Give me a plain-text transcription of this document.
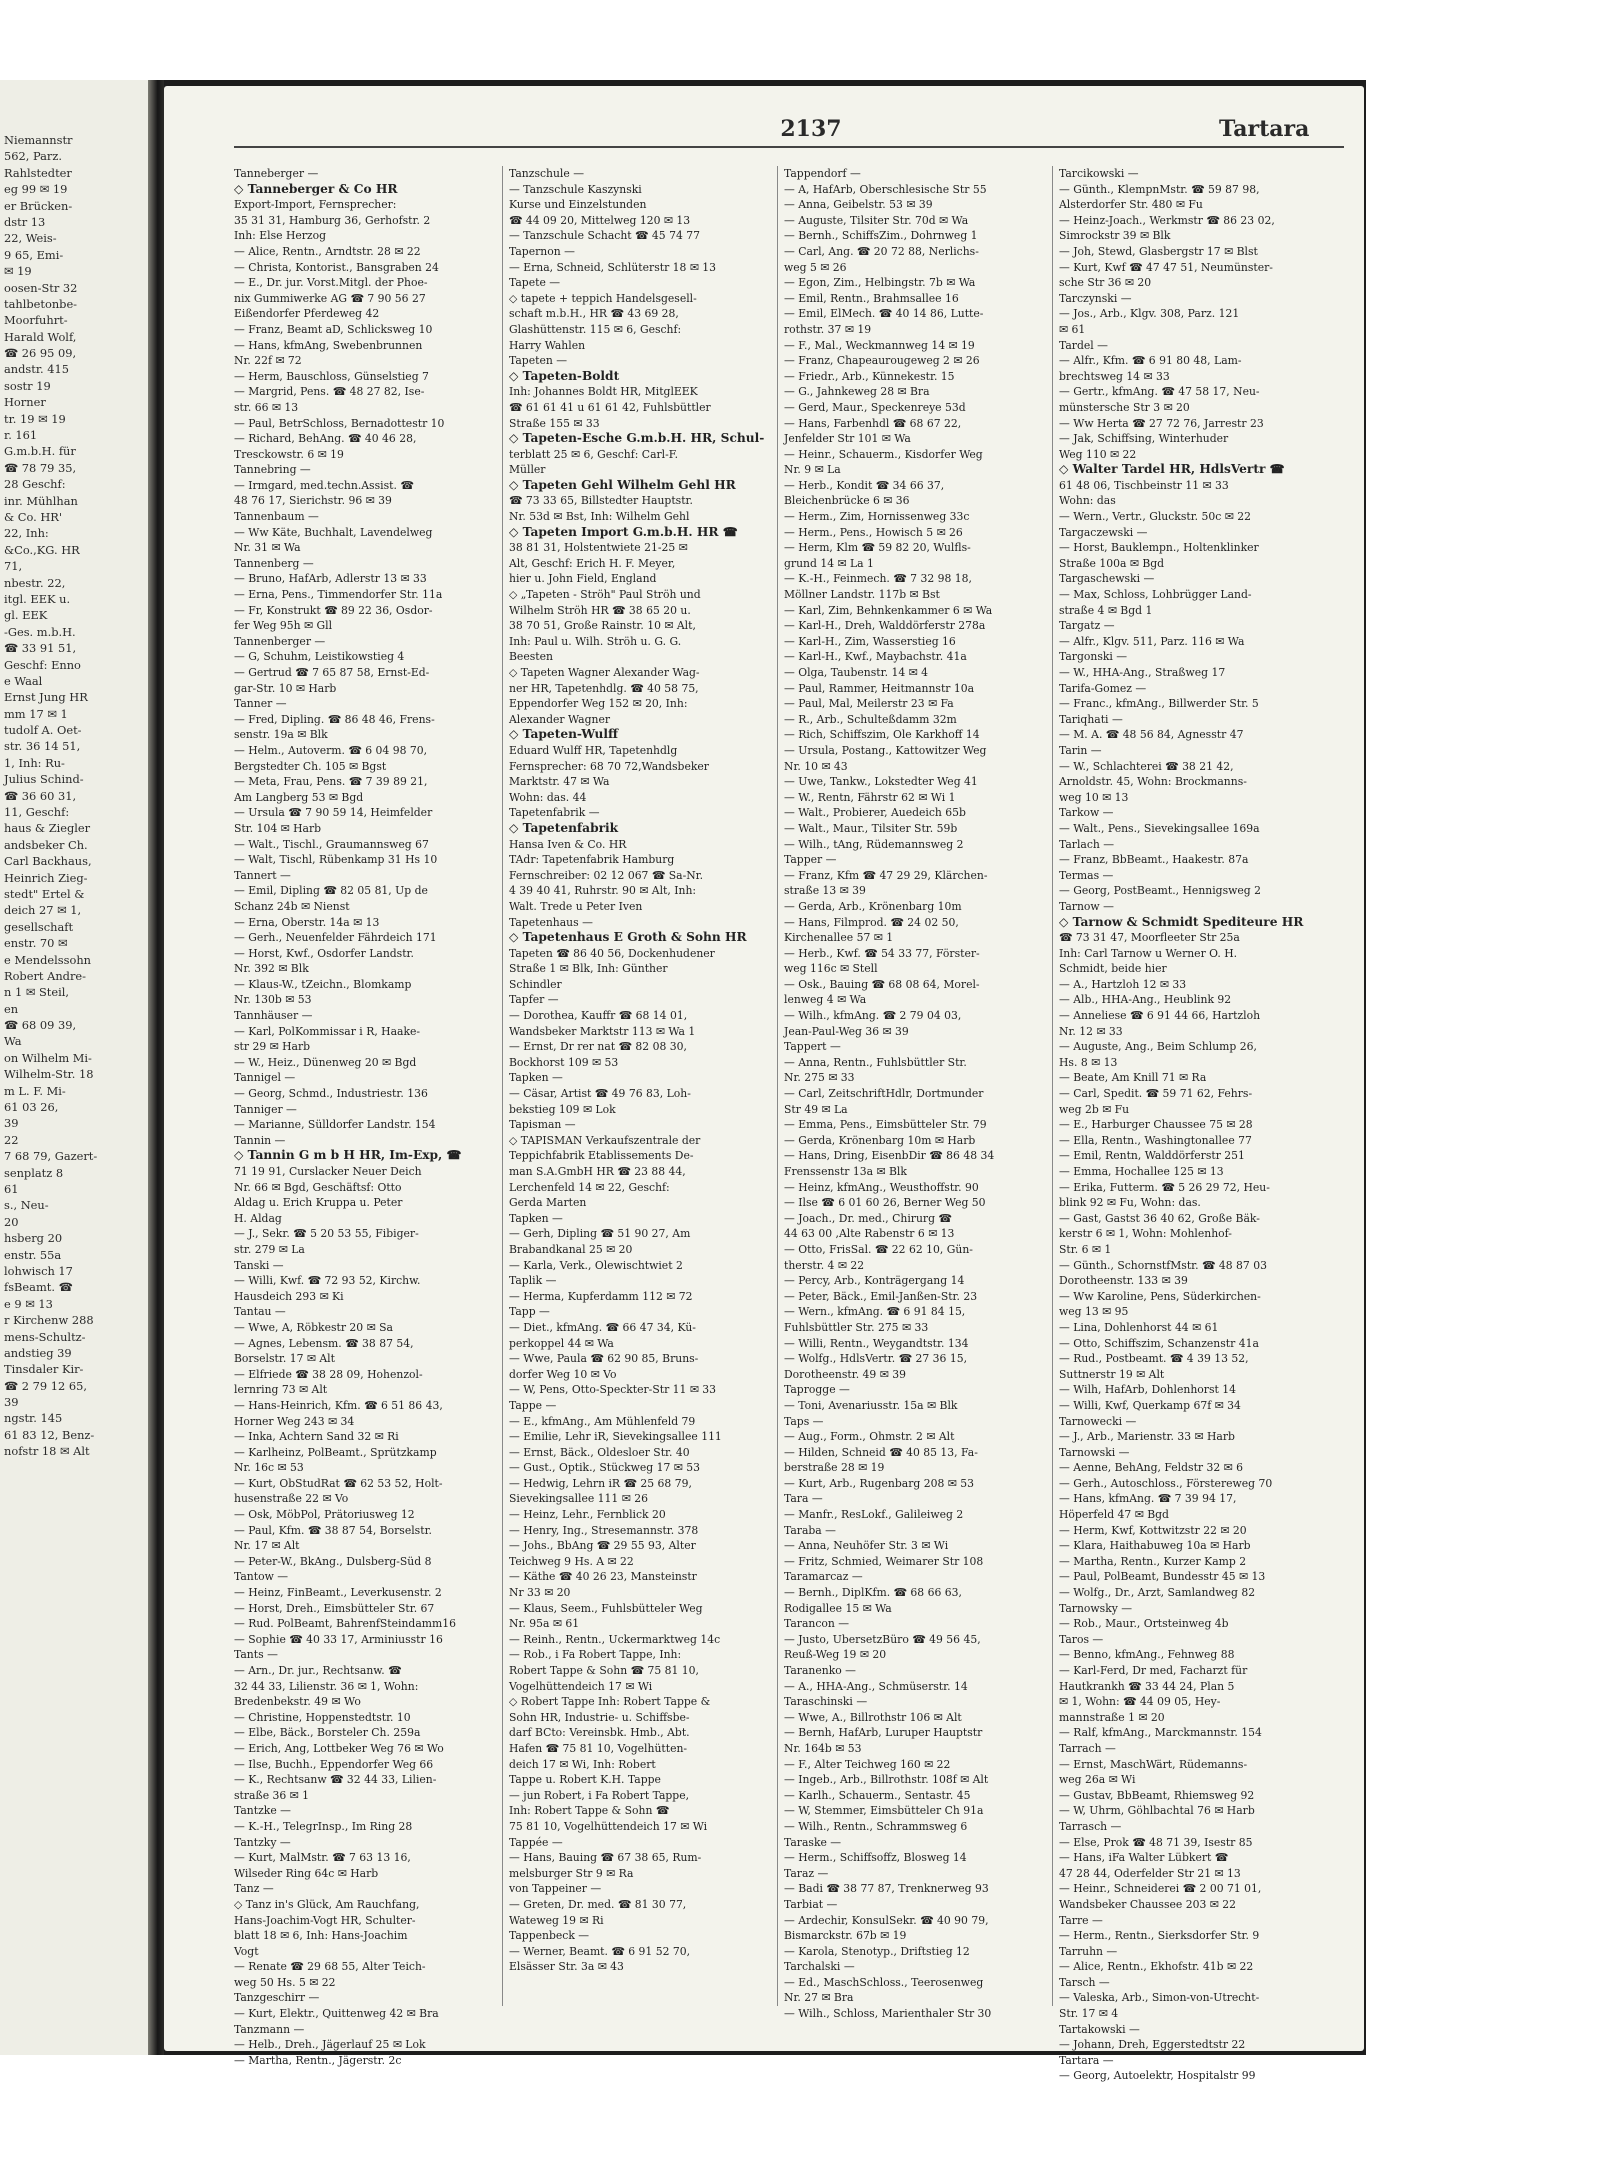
Niemannstr
562, Parz.
Rahlstedter
eg 99 ✉ 19
er Brücken-
dstr 13
22, Weis-
9 65, Emi-
✉ 19
oosen-Str 32
tahlbetonbe-
Moorfuhrt-
Harald Wolf,
☎ 26 95 09,
andstr. 415
sostr 19
Horner
tr. 19 ✉ 19
r. 161
G.m.b.H. für
☎ 78 79 35,
28 Geschf:
inr. Mühlhan
& Co. HR'
22, Inh:
&Co.,KG. HR
71,
nbestr. 22,
itgl. EEK u.
gl. EEK
-Ges. m.b.H.
☎ 33 91 51,
Geschf: Enno
e Waal
Ernst Jung HR
mm 17 ✉ 1
tudolf A. Oet-
str. 36 14 51,
1, Inh: Ru-
Julius Schind-
☎ 36 60 31,
11, Geschf:
haus & Ziegler
andsbeker Ch.
Carl Backhaus,
Heinrich Zieg-
stedt" Ertel &
deich 27 ✉ 1,
gesellschaft
enstr. 70 ✉
e Mendelssohn
Robert Andre-
n 1 ✉ Steil,
en
☎ 68 09 39,
Wa
on Wilhelm Mi-
Wilhelm-Str. 18
m L. F. Mi-
61 03 26,
39
22
7 68 79, Gazert-
senplatz 8
61
s., Neu-
20
hsberg 20
enstr. 55a
lohwisch 17
fsBeamt. ☎
e 9 ✉ 13
r Kirchenw 288
mens-Schultz-
andstieg 39
Tinsdaler Kir-
☎ 2 79 12 65,
39
ngstr. 145
61 83 12, Benz-
nofstr 18 ✉ Alt
2137	Tartara
Tanneberger —
◇ Tanneberger & Co HR
Export-Import, Fernsprecher:
35 31 31, Hamburg 36, Gerhofstr. 2
Inh: Else Herzog
— Alice, Rentn., Arndtstr. 28 ✉ 22
— Christa, Kontorist., Bansgraben 24
— E., Dr. jur. Vorst.Mitgl. der Phoe-
nix Gummiwerke AG ☎ 7 90 56 27
Eißendorfer Pferdeweg 42
— Franz, Beamt aD, Schlicksweg 10
— Hans, kfmAng, Swebenbrunnen
Nr. 22f ✉ 72
— Herm, Bauschloss, Günselstieg 7
— Margrid, Pens. ☎ 48 27 82, Ise-
str. 66 ✉ 13
— Paul, BetrSchloss, Bernadottestr 10
— Richard, BehAng. ☎ 40 46 28,
Tresckowstr. 6 ✉ 19
Tannebring —
— Irmgard, med.techn.Assist. ☎
48 76 17, Sierichstr. 96 ✉ 39
Tannenbaum —
— Ww Käte, Buchhalt, Lavendelweg
Nr. 31 ✉ Wa
Tannenberg —
— Bruno, HafArb, Adlerstr 13 ✉ 33
— Erna, Pens., Timmendorfer Str. 11a
— Fr, Konstrukt ☎ 89 22 36, Osdor-
fer Weg 95h ✉ Gll
Tannenberger —
— G, Schuhm, Leistikowstieg 4
— Gertrud ☎ 7 65 87 58, Ernst-Ed-
gar-Str. 10 ✉ Harb
Tanner —
— Fred, Dipling. ☎ 86 48 46, Frens-
senstr. 19a ✉ Blk
— Helm., Autoverm. ☎ 6 04 98 70,
Bergstedter Ch. 105 ✉ Bgst
— Meta, Frau, Pens. ☎ 7 39 89 21,
Am Langberg 53 ✉ Bgd
— Ursula ☎ 7 90 59 14, Heimfelder
Str. 104 ✉ Harb
— Walt., Tischl., Graumannsweg 67
— Walt, Tischl, Rübenkamp 31 Hs 10
Tannert —
— Emil, Dipling ☎ 82 05 81, Up de
Schanz 24b ✉ Nienst
— Erna, Oberstr. 14a ✉ 13
— Gerh., Neuenfelder Fährdeich 171
— Horst, Kwf., Osdorfer Landstr.
Nr. 392 ✉ Blk
— Klaus-W., tZeichn., Blomkamp
Nr. 130b ✉ 53
Tannhäuser —
— Karl, PolKommissar i R, Haake-
str 29 ✉ Harb
— W., Heiz., Dünenweg 20 ✉ Bgd
Tannigel —
— Georg, Schmd., Industriestr. 136
Tanniger —
— Marianne, Sülldorfer Landstr. 154
Tannin —
◇ Tannin G m b H HR, Im-Exp, ☎
71 19 91, Curslacker Neuer Deich
Nr. 66 ✉ Bgd, Geschäftsf: Otto
Aldag u. Erich Kruppa u. Peter
H. Aldag
— J., Sekr. ☎ 5 20 53 55, Fibiger-
str. 279 ✉ La
Tanski —
— Willi, Kwf. ☎ 72 93 52, Kirchw.
Hausdeich 293 ✉ Ki
Tantau —
— Wwe, A, Röbkestr 20 ✉ Sa
— Agnes, Lebensm. ☎ 38 87 54,
Borselstr. 17 ✉ Alt
— Elfriede ☎ 38 28 09, Hohenzol-
lernring 73 ✉ Alt
— Hans-Heinrich, Kfm. ☎ 6 51 86 43,
Horner Weg 243 ✉ 34
— Inka, Achtern Sand 32 ✉ Ri
— Karlheinz, PolBeamt., Sprützkamp
Nr. 16c ✉ 53
— Kurt, ObStudRat ☎ 62 53 52, Holt-
husenstraße 22 ✉ Vo
— Osk, MöbPol, Prätoriusweg 12
— Paul, Kfm. ☎ 38 87 54, Borselstr.
Nr. 17 ✉ Alt
— Peter-W., BkAng., Dulsberg-Süd 8
Tantow —
— Heinz, FinBeamt., Leverkusenstr. 2
— Horst, Dreh., Eimsbütteler Str. 67
— Rud. PolBeamt, BahrenfSteindamm16
— Sophie ☎ 40 33 17, Arminiusstr 16
Tants —
— Arn., Dr. jur., Rechtsanw. ☎
32 44 33, Lilienstr. 36 ✉ 1, Wohn:
Bredenbekstr. 49 ✉ Wo
— Christine, Hoppenstedtstr. 10
— Elbe, Bäck., Borsteler Ch. 259a
— Erich, Ang, Lottbeker Weg 76 ✉ Wo
— Ilse, Buchh., Eppendorfer Weg 66
— K., Rechtsanw ☎ 32 44 33, Lilien-
straße 36 ✉ 1
Tantzke —
— K.-H., TelegrInsp., Im Ring 28
Tantzky —
— Kurt, MalMstr. ☎ 7 63 13 16,
Wilseder Ring 64c ✉ Harb
Tanz —
◇ Tanz in's Glück, Am Rauchfang,
Hans-Joachim-Vogt HR, Schulter-
blatt 18 ✉ 6, Inh: Hans-Joachim
Vogt
— Renate ☎ 29 68 55, Alter Teich-
weg 50 Hs. 5 ✉ 22
Tanzgeschirr —
— Kurt, Elektr., Quittenweg 42 ✉ Bra
Tanzmann —
— Helb., Dreh., Jägerlauf 25 ✉ Lok
— Martha, Rentn., Jägerstr. 2c
Tanzschule —
— Tanzschule Kaszynski
Kurse und Einzelstunden
☎ 44 09 20, Mittelweg 120 ✉ 13
— Tanzschule Schacht ☎ 45 74 77
Tapernon —
— Erna, Schneid, Schlüterstr 18 ✉ 13
Tapete —
◇ tapete + teppich Handelsgesell-
schaft m.b.H., HR ☎ 43 69 28,
Glashüttenstr. 115 ✉ 6, Geschf:
Harry Wahlen
Tapeten —
◇ Tapeten-Boldt
Inh: Johannes Boldt HR, MitglEEK
☎ 61 61 41 u 61 61 42, Fuhlsbüttler
Straße 155 ✉ 33
◇ Tapeten-Esche G.m.b.H. HR, Schul-
terblatt 25 ✉ 6, Geschf: Carl-F.
Müller
◇ Tapeten Gehl Wilhelm Gehl HR
☎ 73 33 65, Billstedter Hauptstr.
Nr. 53d ✉ Bst, Inh: Wilhelm Gehl
◇ Tapeten Import G.m.b.H. HR ☎
38 81 31, Holstentwiete 21-25 ✉
Alt, Geschf: Erich H. F. Meyer,
hier u. John Field, England
◇ „Tapeten - Ströh" Paul Ströh und
Wilhelm Ströh HR ☎ 38 65 20 u.
38 70 51, Große Rainstr. 10 ✉ Alt,
Inh: Paul u. Wilh. Ströh u. G. G.
Beesten
◇ Tapeten Wagner Alexander Wag-
ner HR, Tapetenhdlg. ☎ 40 58 75,
Eppendorfer Weg 152 ✉ 20, Inh:
Alexander Wagner
◇ Tapeten-Wulff
Eduard Wulff HR, Tapetenhdlg
Fernsprecher: 68 70 72,Wandsbeker
Marktstr. 47 ✉ Wa
Wohn: das. 44
Tapetenfabrik —
◇ Tapetenfabrik
Hansa Iven & Co. HR
TAdr: Tapetenfabrik Hamburg
Fernschreiber: 02 12 067 ☎ Sa-Nr.
4 39 40 41, Ruhrstr. 90 ✉ Alt, Inh:
Walt. Trede u Peter Iven
Tapetenhaus —
◇ Tapetenhaus E Groth & Sohn HR
Tapeten ☎ 86 40 56, Dockenhudener
Straße 1 ✉ Blk, Inh: Günther
Schindler
Tapfer —
— Dorothea, Kauffr ☎ 68 14 01,
Wandsbeker Marktstr 113 ✉ Wa 1
— Ernst, Dr rer nat ☎ 82 08 30,
Bockhorst 109 ✉ 53
Tapken —
— Cäsar, Artist ☎ 49 76 83, Loh-
bekstieg 109 ✉ Lok
Tapisman —
◇ TAPISMAN Verkaufszentrale der
Teppichfabrik Etablissements De-
man S.A.GmbH HR ☎ 23 88 44,
Lerchenfeld 14 ✉ 22, Geschf:
Gerda Marten
Tapken —
— Gerh, Dipling ☎ 51 90 27, Am
Brabandkanal 25 ✉ 20
— Karla, Verk., Olewischtwiet 2
Taplik —
— Herma, Kupferdamm 112 ✉ 72
Tapp —
— Diet., kfmAng. ☎ 66 47 34, Kü-
perkoppel 44 ✉ Wa
— Wwe, Paula ☎ 62 90 85, Bruns-
dorfer Weg 10 ✉ Vo
— W, Pens, Otto-Speckter-Str 11 ✉ 33
Tappe —
— E., kfmAng., Am Mühlenfeld 79
— Emilie, Lehr iR, Sievekingsallee 111
— Ernst, Bäck., Oldesloer Str. 40
— Gust., Optik., Stückweg 17 ✉ 53
— Hedwig, Lehrn iR ☎ 25 68 79,
Sievekingsallee 111 ✉ 26
— Heinz, Lehr., Fernblick 20
— Henry, Ing., Stresemannstr. 378
— Johs., BbAng ☎ 29 55 93, Alter
Teichweg 9 Hs. A ✉ 22
— Käthe ☎ 40 26 23, Mansteinstr
Nr 33 ✉ 20
— Klaus, Seem., Fuhlsbütteler Weg
Nr. 95a ✉ 61
— Reinh., Rentn., Uckermarktweg 14c
— Rob., i Fa Robert Tappe, Inh:
Robert Tappe & Sohn ☎ 75 81 10,
Vogelhüttendeich 17 ✉ Wi
◇ Robert Tappe Inh: Robert Tappe &
Sohn HR, Industrie- u. Schiffsbe-
darf BCto: Vereinsbk. Hmb., Abt.
Hafen ☎ 75 81 10, Vogelhütten-
deich 17 ✉ Wi, Inh: Robert
Tappe u. Robert K.H. Tappe
— jun Robert, i Fa Robert Tappe,
Inh: Robert Tappe & Sohn ☎
75 81 10, Vogelhüttendeich 17 ✉ Wi
Tappée —
— Hans, Bauing ☎ 67 38 65, Rum-
melsburger Str 9 ✉ Ra
von Tappeiner —
— Greten, Dr. med. ☎ 81 30 77,
Wateweg 19 ✉ Ri
Tappenbeck —
— Werner, Beamt. ☎ 6 91 52 70,
Elsässer Str. 3a ✉ 43
Tappendorf —
— A, HafArb, Oberschlesische Str 55
— Anna, Geibelstr. 53 ✉ 39
— Auguste, Tilsiter Str. 70d ✉ Wa
— Bernh., SchiffsZim., Dohrnweg 1
— Carl, Ang. ☎ 20 72 88, Nerlichs-
weg 5 ✉ 26
— Egon, Zim., Helbingstr. 7b ✉ Wa
— Emil, Rentn., Brahmsallee 16
— Emil, ElMech. ☎ 40 14 86, Lutte-
rothstr. 37 ✉ 19
— F., Mal., Weckmannweg 14 ✉ 19
— Franz, Chapeaurougeweg 2 ✉ 26
— Friedr., Arb., Künnekestr. 15
— G., Jahnkeweg 28 ✉ Bra
— Gerd, Maur., Speckenreye 53d
— Hans, Farbenhdl ☎ 68 67 22,
Jenfelder Str 101 ✉ Wa
— Heinr., Schauerm., Kisdorfer Weg
Nr. 9 ✉ La
— Herb., Kondit ☎ 34 66 37,
Bleichenbrücke 6 ✉ 36
— Herm., Zim, Hornissenweg 33c
— Herm., Pens., Howisch 5 ✉ 26
— Herm, Klm ☎ 59 82 20, Wulfls-
grund 14 ✉ La 1
— K.-H., Feinmech. ☎ 7 32 98 18,
Möllner Landstr. 117b ✉ Bst
— Karl, Zim, Behnkenkammer 6 ✉ Wa
— Karl-H., Dreh, Walddörferstr 278a
— Karl-H., Zim, Wasserstieg 16
— Karl-H., Kwf., Maybachstr. 41a
— Olga, Taubenstr. 14 ✉ 4
— Paul, Rammer, Heitmannstr 10a
— Paul, Mal, Meilerstr 23 ✉ Fa
— R., Arb., Schulteßdamm 32m
— Rich, Schiffszim, Ole Karkhoff 14
— Ursula, Postang., Kattowitzer Weg
Nr. 10 ✉ 43
— Uwe, Tankw., Lokstedter Weg 41
— W., Rentn, Fährstr 62 ✉ Wi 1
— Walt., Probierer, Auedeich 65b
— Walt., Maur., Tilsiter Str. 59b
— Wilh., tAng, Rüdemannsweg 2
Tapper —
— Franz, Kfm ☎ 47 29 29, Klärchen-
straße 13 ✉ 39
— Gerda, Arb., Krönenbarg 10m
— Hans, Filmprod. ☎ 24 02 50,
Kirchenallee 57 ✉ 1
— Herb., Kwf. ☎ 54 33 77, Förster-
weg 116c ✉ Stell
— Osk., Bauing ☎ 68 08 64, Morel-
lenweg 4 ✉ Wa
— Wilh., kfmAng. ☎ 2 79 04 03,
Jean-Paul-Weg 36 ✉ 39
Tappert —
— Anna, Rentn., Fuhlsbüttler Str.
Nr. 275 ✉ 33
— Carl, ZeitschriftHdlr, Dortmunder
Str 49 ✉ La
— Emma, Pens., Eimsbütteler Str. 79
— Gerda, Krönenbarg 10m ✉ Harb
— Hans, Dring, EisenbDir ☎ 86 48 34
Frenssenstr 13a ✉ Blk
— Heinz, kfmAng., Weusthoffstr. 90
— Ilse ☎ 6 01 60 26, Berner Weg 50
— Joach., Dr. med., Chirurg ☎
44 63 00 ,Alte Rabenstr 6 ✉ 13
— Otto, FrisSal. ☎ 22 62 10, Gün-
therstr. 4 ✉ 22
— Percy, Arb., Konträgergang 14
— Peter, Bäck., Emil-Janßen-Str. 23
— Wern., kfmAng. ☎ 6 91 84 15,
Fuhlsbüttler Str. 275 ✉ 33
— Willi, Rentn., Weygandtstr. 134
— Wolfg., HdlsVertr. ☎ 27 36 15,
Dorotheenstr. 49 ✉ 39
Taprogge —
— Toni, Avenariusstr. 15a ✉ Blk
Taps —
— Aug., Form., Ohmstr. 2 ✉ Alt
— Hilden, Schneid ☎ 40 85 13, Fa-
berstraße 28 ✉ 19
— Kurt, Arb., Rugenbarg 208 ✉ 53
Tara —
— Manfr., ResLokf., Galileiweg 2
Taraba —
— Anna, Neuhöfer Str. 3 ✉ Wi
— Fritz, Schmied, Weimarer Str 108
Taramarcaz —
— Bernh., DiplKfm. ☎ 68 66 63,
Rodigallee 15 ✉ Wa
Tarancon —
— Justo, UbersetzBüro ☎ 49 56 45,
Reuß-Weg 19 ✉ 20
Taranenko —
— A., HHA-Ang., Schmüserstr. 14
Taraschinski —
— Wwe, A., Billrothstr 106 ✉ Alt
— Bernh, HafArb, Luruper Hauptstr
Nr. 164b ✉ 53
— F., Alter Teichweg 160 ✉ 22
— Ingeb., Arb., Billrothstr. 108f ✉ Alt
— Karlh., Schauerm., Sentastr. 45
— W, Stemmer, Eimsbütteler Ch 91a
— Wilh., Rentn., Schrammsweg 6
Taraske —
— Herm., Schiffsoffz, Blosweg 14
Taraz —
— Badi ☎ 38 77 87, Trenknerweg 93
Tarbiat —
— Ardechir, KonsulSekr. ☎ 40 90 79,
Bismarckstr. 67b ✉ 19
— Karola, Stenotyp., Driftstieg 12
Tarchalski —
— Ed., MaschSchloss., Teerosenweg
Nr. 27 ✉ Bra
— Wilh., Schloss, Marienthaler Str 30
Tarcikowski —
— Günth., KlempnMstr. ☎ 59 87 98,
Alsterdorfer Str. 480 ✉ Fu
— Heinz-Joach., Werkmstr ☎ 86 23 02,
Simrockstr 39 ✉ Blk
— Joh, Stewd, Glasbergstr 17 ✉ Blst
— Kurt, Kwf ☎ 47 47 51, Neumünster-
sche Str 36 ✉ 20
Tarczynski —
— Jos., Arb., Klgv. 308, Parz. 121
✉ 61
Tardel —
— Alfr., Kfm. ☎ 6 91 80 48, Lam-
brechtsweg 14 ✉ 33
— Gertr., kfmAng. ☎ 47 58 17, Neu-
münstersche Str 3 ✉ 20
— Ww Herta ☎ 27 72 76, Jarrestr 23
— Jak, Schiffsing, Winterhuder
Weg 110 ✉ 22
◇ Walter Tardel HR, HdlsVertr ☎
61 48 06, Tischbeinstr 11 ✉ 33
Wohn: das
— Wern., Vertr., Gluckstr. 50c ✉ 22
Targaczewski —
— Horst, Bauklempn., Holtenklinker
Straße 100a ✉ Bgd
Targaschewski —
— Max, Schloss, Lohbrügger Land-
straße 4 ✉ Bgd 1
Targatz —
— Alfr., Klgv. 511, Parz. 116 ✉ Wa
Targonski —
— W., HHA-Ang., Straßweg 17
Tarifa-Gomez —
— Franc., kfmAng., Billwerder Str. 5
Tariqhati —
— M. A. ☎ 48 56 84, Agnesstr 47
Tarin —
— W., Schlachterei ☎ 38 21 42,
Arnoldstr. 45, Wohn: Brockmanns-
weg 10 ✉ 13
Tarkow —
— Walt., Pens., Sievekingsallee 169a
Tarlach —
— Franz, BbBeamt., Haakestr. 87a
Termas —
— Georg, PostBeamt., Hennigsweg 2
Tarnow —
◇ Tarnow & Schmidt Spediteure HR
☎ 73 31 47, Moorfleeter Str 25a
Inh: Carl Tarnow u Werner O. H.
Schmidt, beide hier
— A., Hartzloh 12 ✉ 33
— Alb., HHA-Ang., Heublink 92
— Anneliese ☎ 6 91 44 66, Hartzloh
Nr. 12 ✉ 33
— Auguste, Ang., Beim Schlump 26,
Hs. 8 ✉ 13
— Beate, Am Knill 71 ✉ Ra
— Carl, Spedit. ☎ 59 71 62, Fehrs-
weg 2b ✉ Fu
— E., Harburger Chaussee 75 ✉ 28
— Ella, Rentn., Washingtonallee 77
— Emil, Rentn, Walddörferstr 251
— Emma, Hochallee 125 ✉ 13
— Erika, Futterm. ☎ 5 26 29 72, Heu-
blink 92 ✉ Fu, Wohn: das.
— Gast, Gastst 36 40 62, Große Bäk-
kerstr 6 ✉ 1, Wohn: Mohlenhof-
Str. 6 ✉ 1
— Günth., SchornstfMstr. ☎ 48 87 03
Dorotheenstr. 133 ✉ 39
— Ww Karoline, Pens, Süderkirchen-
weg 13 ✉ 95
— Lina, Dohlenhorst 44 ✉ 61
— Otto, Schiffszim, Schanzenstr 41a
— Rud., Postbeamt. ☎ 4 39 13 52,
Suttnerstr 19 ✉ Alt
— Wilh, HafArb, Dohlenhorst 14
— Willi, Kwf, Querkamp 67f ✉ 34
Tarnowecki —
— J., Arb., Marienstr. 33 ✉ Harb
Tarnowski —
— Aenne, BehAng, Feldstr 32 ✉ 6
— Gerh., Autoschloss., Förstereweg 70
— Hans, kfmAng. ☎ 7 39 94 17,
Höperfeld 47 ✉ Bgd
— Herm, Kwf, Kottwitzstr 22 ✉ 20
— Klara, Haithabuweg 10a ✉ Harb
— Martha, Rentn., Kurzer Kamp 2
— Paul, PolBeamt, Bundesstr 45 ✉ 13
— Wolfg., Dr., Arzt, Samlandweg 82
Tarnowsky —
— Rob., Maur., Ortsteinweg 4b
Taros —
— Benno, kfmAng., Fehnweg 88
— Karl-Ferd, Dr med, Facharzt für
Hautkrankh ☎ 33 44 24, Plan 5
✉ 1, Wohn: ☎ 44 09 05, Hey-
mannstraße 1 ✉ 20
— Ralf, kfmAng., Marckmannstr. 154
Tarrach —
— Ernst, MaschWärt, Rüdemanns-
weg 26a ✉ Wi
— Gustav, BbBeamt, Rhiemsweg 92
— W, Uhrm, Göhlbachtal 76 ✉ Harb
Tarrasch —
— Else, Prok ☎ 48 71 39, Isestr 85
— Hans, iFa Walter Lübkert ☎
47 28 44, Oderfelder Str 21 ✉ 13
— Heinr., Schneiderei ☎ 2 00 71 01,
Wandsbeker Chaussee 203 ✉ 22
Tarre —
— Herm., Rentn., Sierksdorfer Str. 9
Tarruhn —
— Alice, Rentn., Ekhofstr. 41b ✉ 22
Tarsch —
— Valeska, Arb., Simon-von-Utrecht-
Str. 17 ✉ 4
Tartakowski —
— Johann, Dreh, Eggerstedtstr 22
Tartara —
— Georg, Autoelektr, Hospitalstr 99
